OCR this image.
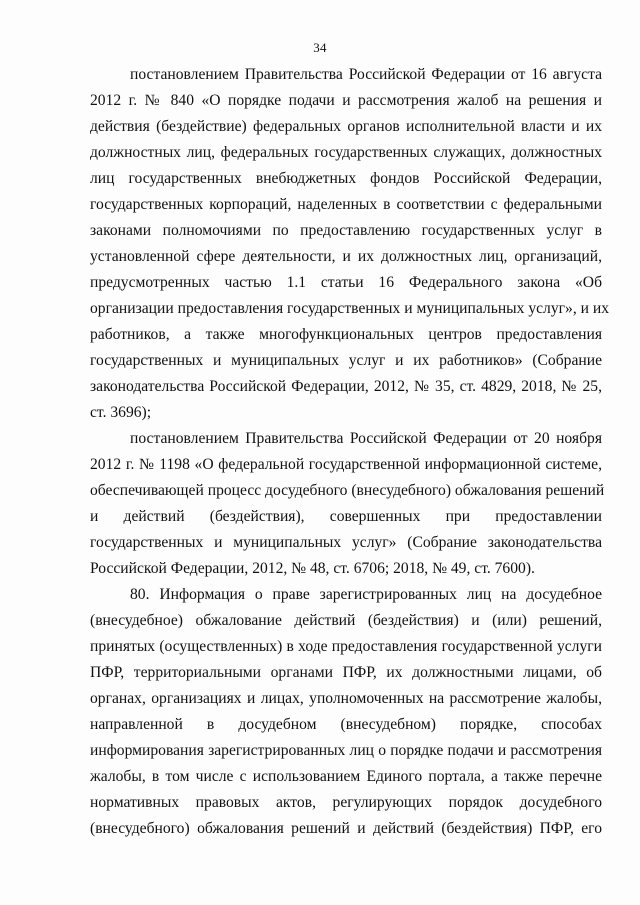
34

постановлением Правительства Российской Федерации от 16 августа
2012 г. № 840 «О порядке подачи и рассмотрения жалоб на решения и
действия (бездействие) федеральных органов исполнительной власти и их
должностных лиц, федеральных государственных служащих, должностных
лиц государственных внебюджетных фондов Российской Федерации,
государственных корпораций, наделенных в соответствии с федеральными
законами полномочиями по предоставлению государственных услуг в
установленной сфере деятельности, и их должностных лиц, организаций,
предусмотренных частью 1.1 статьи 16 Федерального закона «Об
организации предоставления государственных и муниципальных услуг», и их
работников, а также многофункциональных центров предоставления
государственных и муниципальных услуг и их работников» (Собрание
законодательства Российской Федерации, 2012, № 35, ст. 4829, 2018, № 25,
ст. 3696);

постановлением Правительства Российской Федерации от 20 ноября
2012 г. № 1198 «О федеральной государственной информационной системе,
обеспечивающей процесс досудебного (внесудебного) обжалования решений
и действий (бездействия), совершенных при предоставлении
государственных и муниципальных услуг» (Собрание законодательства
Российской Федерации, 2012, № 48, ст. 6706; 2018, № 49, ст. 7600).

80. Информация о праве зарегистрированных лиц на досудебное
(внесудебное) обжалование действий (бездействия) и (или) решений,
принятых (осуществленных) в ходе предоставления государственной услуги
ПФР, территориальными органами ПФР, их должностными лицами, об
органах, организациях и лицах, уполномоченных на рассмотрение жалобы,
направленной в досудебном (внесудебном) порядке, способах
информирования зарегистрированных лиц о порядке подачи и рассмотрения
жалобы, в том числе с использованием Единого портала, а также перечне
нормативных правовых актов, регулирующих порядок досудебного
(внесудебного) обжалования решений и действий (бездействия) ПФР, его
